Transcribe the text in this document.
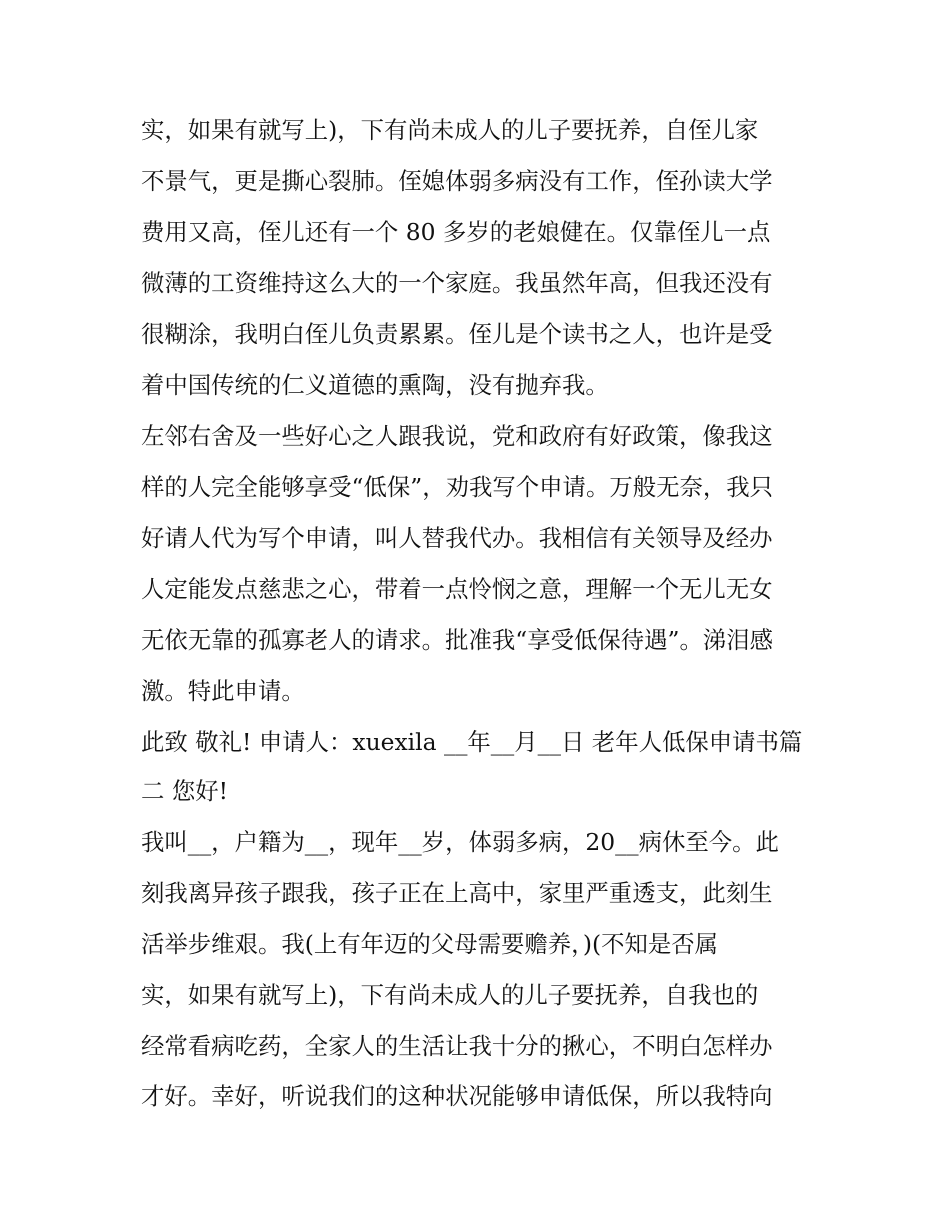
实，如果有就写上)，下有尚未成人的儿子要抚养，自侄儿家
不景气，更是撕心裂肺。侄媳体弱多病没有工作，侄孙读大学
费用又高，侄儿还有一个 80 多岁的老娘健在。仅靠侄儿一点
微薄的工资维持这么大的一个家庭。我虽然年高，但我还没有
很糊涂，我明白侄儿负责累累。侄儿是个读书之人，也许是受
着中国传统的仁义道德的熏陶，没有抛弃我。
左邻右舍及一些好心之人跟我说，党和政府有好政策，像我这
样的人完全能够享受“低保”，劝我写个申请。万般无奈，我只
好请人代为写个申请，叫人替我代办。我相信有关领导及经办
人定能发点慈悲之心，带着一点怜悯之意，理解一个无儿无女
无依无靠的孤寡老人的请求。批准我“享受低保待遇”。涕泪感
激。特此申请。
此致 敬礼! 申请人：xuexila __年__月__日 老年人低保申请书篇
二 您好!
我叫__，户籍为__，现年__岁，体弱多病，20__病休至今。此
刻我离异孩子跟我，孩子正在上高中，家里严重透支，此刻生
活举步维艰。我(上有年迈的父母需要赡养，)(不知是否属
实，如果有就写上)，下有尚未成人的儿子要抚养，自我也的
经常看病吃药，全家人的生活让我十分的揪心，不明白怎样办
才好。幸好，听说我们的这种状况能够申请低保，所以我特向
